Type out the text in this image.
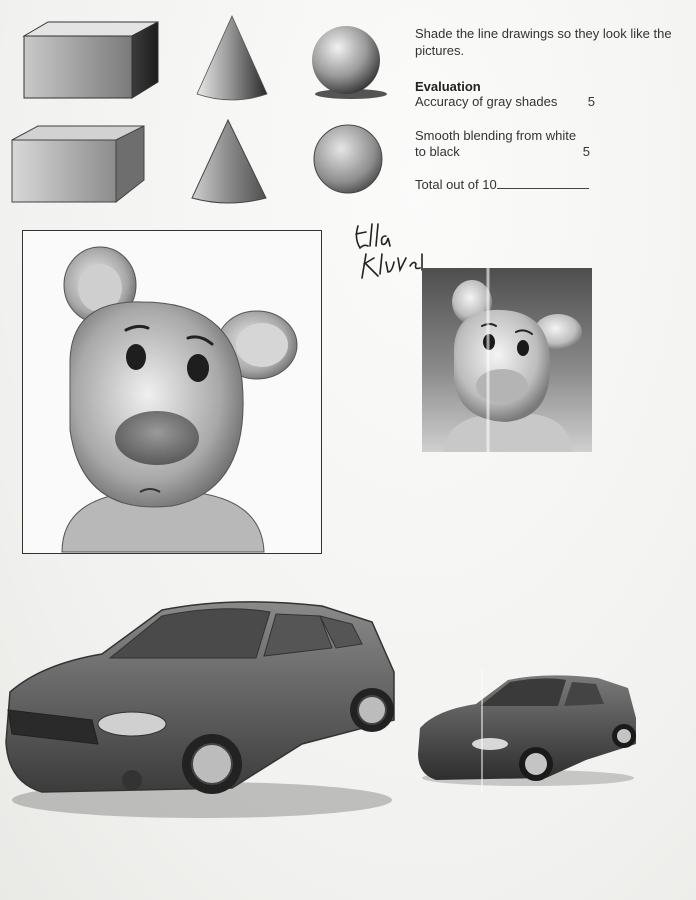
Shade the line drawings so they look like the pictures.
Evaluation
Accuracy of gray shades 5
Smooth blending from white to black	5
Total out of 10
